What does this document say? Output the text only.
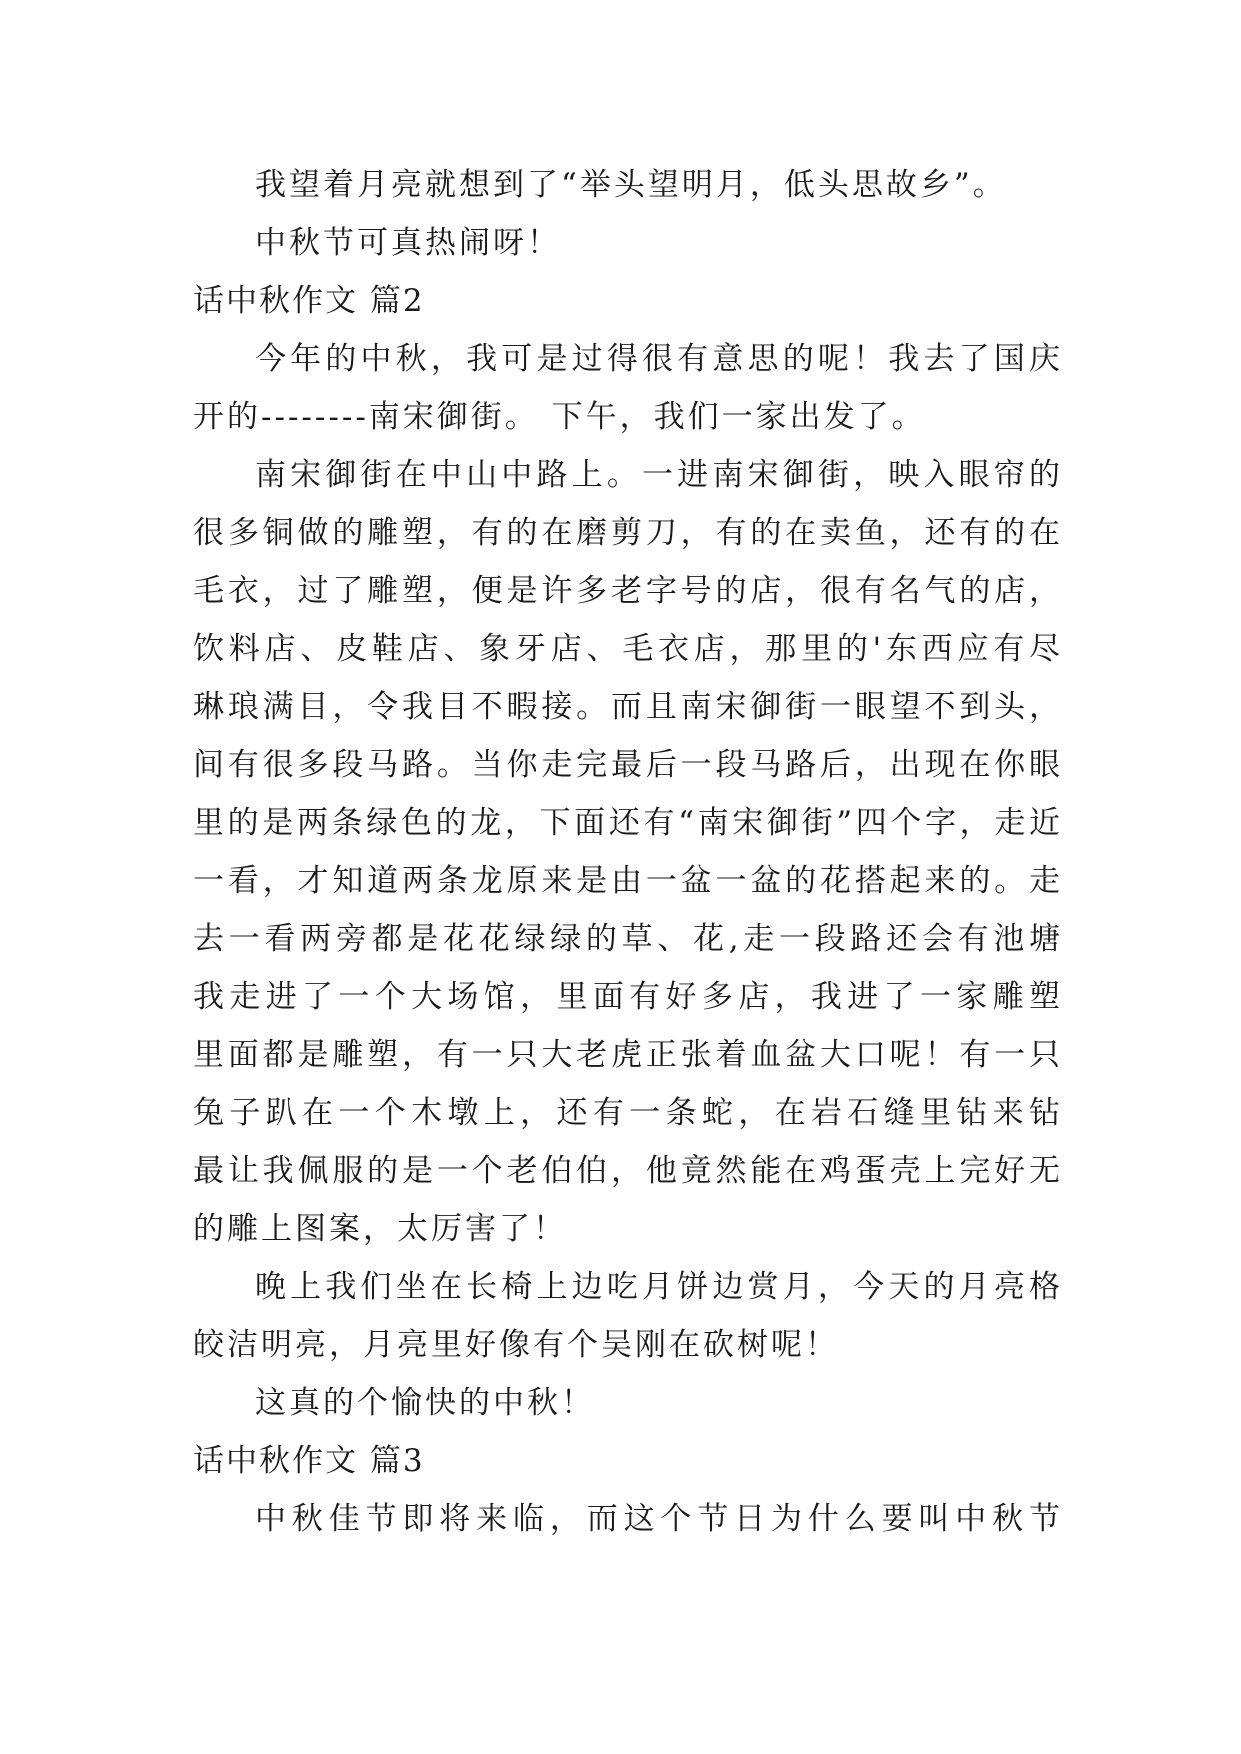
我望着月亮就想到了“举头望明月，低头思故乡”。
中秋节可真热闹呀！
话中秋作文 篇2
今年的中秋，我可是过得很有意思的呢！我去了国庆
开的--------南宋御街。 下午，我们一家出发了。
南宋御街在中山中路上。一进南宋御街，映入眼帘的
很多铜做的雕塑，有的在磨剪刀，有的在卖鱼，还有的在
毛衣，过了雕塑，便是许多老字号的店，很有名气的店，
饮料店、皮鞋店、象牙店、毛衣店，那里的'东西应有尽
琳琅满目，令我目不暇接。而且南宋御街一眼望不到头，
间有很多段马路。当你走完最后一段马路后，出现在你眼
里的是两条绿色的龙，下面还有“南宋御街”四个字，走近
一看，才知道两条龙原来是由一盆一盆的花搭起来的。走
去一看两旁都是花花绿绿的草、花,走一段路还会有池塘
我走进了一个大场馆，里面有好多店，我进了一家雕塑
里面都是雕塑，有一只大老虎正张着血盆大口呢！有一只
兔子趴在一个木墩上，还有一条蛇，在岩石缝里钻来钻
最让我佩服的是一个老伯伯，他竟然能在鸡蛋壳上完好无
的雕上图案，太厉害了！
晚上我们坐在长椅上边吃月饼边赏月，今天的月亮格
皎洁明亮，月亮里好像有个吴刚在砍树呢！
这真的个愉快的中秋！
话中秋作文 篇3
中秋佳节即将来临，而这个节日为什么要叫中秋节
